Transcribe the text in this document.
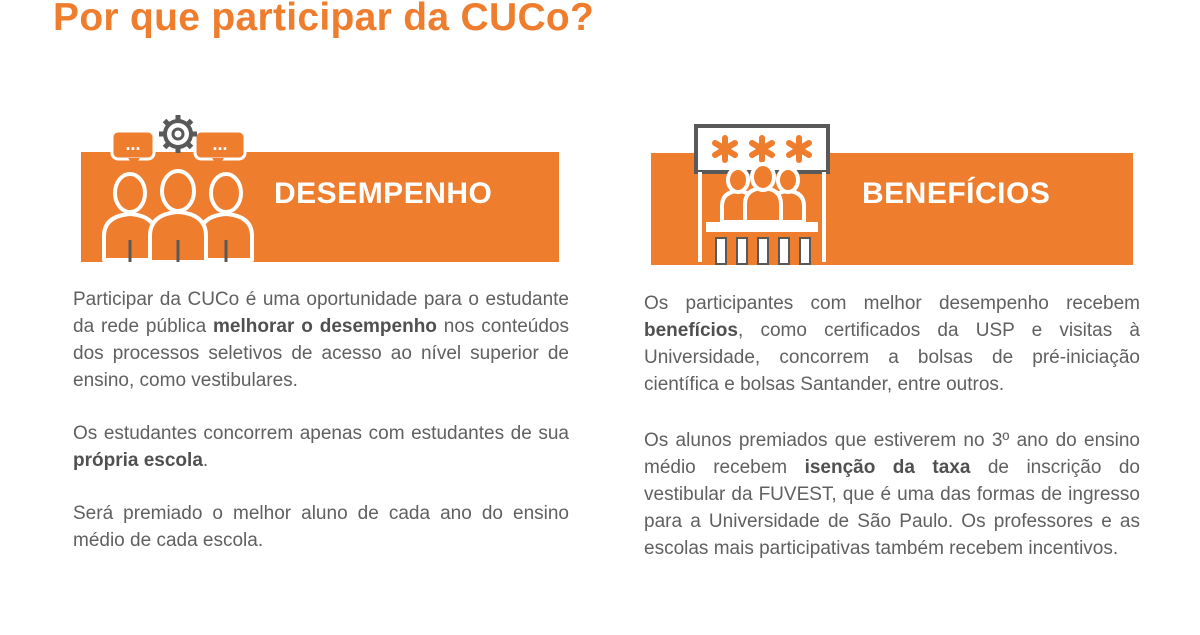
Por que participar da CUCo?
DESEMPENHO
...	...
BENEFÍCIOS

Participar da CUCo é uma oportunidade para o estudante da rede pública melhorar o desempenho nos conteúdos dos processos seletivos de acesso ao nível superior de ensino, como vestibulares.

Os estudantes concorrem apenas com estudantes de sua própria escola.

Será premiado o melhor aluno de cada ano do ensino médio de cada escola.

Os participantes com melhor desempenho recebem benefícios, como certificados da USP e visitas à Universidade, concorrem a bolsas de pré-iniciação científica e bolsas Santander, entre outros.

Os alunos premiados que estiverem no 3º ano do ensino médio recebem isenção da taxa de inscrição do vestibular da FUVEST, que é uma das formas de ingresso para a Universidade de São Paulo. Os professores e as escolas mais participativas também recebem incentivos.
